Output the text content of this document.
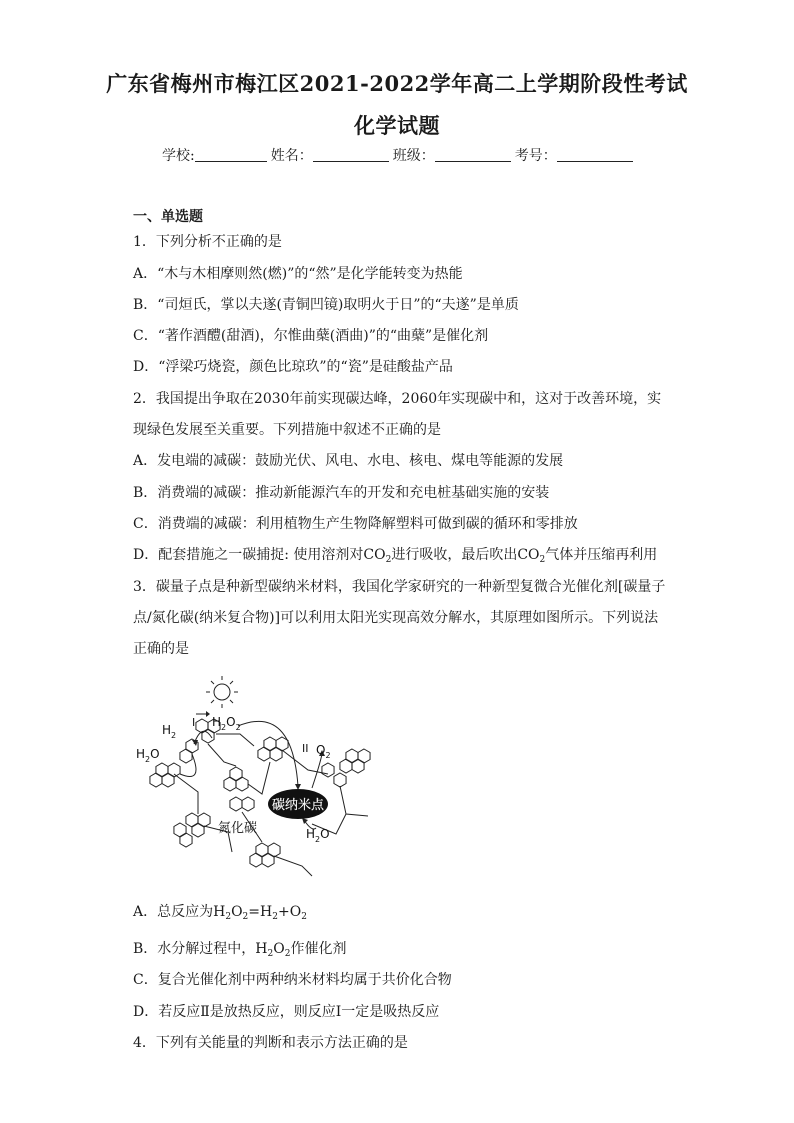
广东省梅州市梅江区2021-2022学年高二上学期阶段性考试
化学试题
学校:	姓名：	班级：	考号：
一、单选题
1．下列分析不正确的是
A．“木与木相摩则然(燃)”的“然”是化学能转变为热能
B．“司烜氏，掌以夫遂(青铜凹镜)取明火于日”的“夫遂”是单质
C．“著作酒醴(甜酒)，尔惟曲蘖(酒曲)”的“曲蘖”是催化剂
D．“浮梁巧烧瓷，颜色比琼玖”的“瓷”是硅酸盐产品
2．我国提出争取在2030年前实现碳达峰，2060年实现碳中和，这对于改善环境，实
现绿色发展至关重要。下列措施中叙述不正确的是
A．发电端的减碳：鼓励光伏、风电、水电、核电、煤电等能源的发展
B．消费端的减碳：推动新能源汽车的开发和充电桩基础实施的安装
C．消费端的减碳：利用植物生产生物降解塑料可做到碳的循环和零排放
D．配套措施之一碳捕捉: 使用溶剂对$CO_2$进行吸收，最后吹出$CO_2$气体并压缩再利用
3．碳量子点是种新型碳纳米材料，我国化学家研究的一种新型复微合光催化剂[碳量子
点/氮化碳(纳米复合物)]可以利用太阳光实现高效分解水，其原理如图所示。下列说法
正确的是
碳纳米点
氮化碳
$H_2$
I $H_2O_2$
$H_2O$	II $O_2$
$H_2O$
A．总反应为$H_2O_2=H_2+O_2$
B．水分解过程中，$H_2O_2$作催化剂
C．复合光催化剂中两种纳米材料均属于共价化合物
D．若反应Ⅱ是放热反应，则反应Ⅰ一定是吸热反应
4．下列有关能量的判断和表示方法正确的是
